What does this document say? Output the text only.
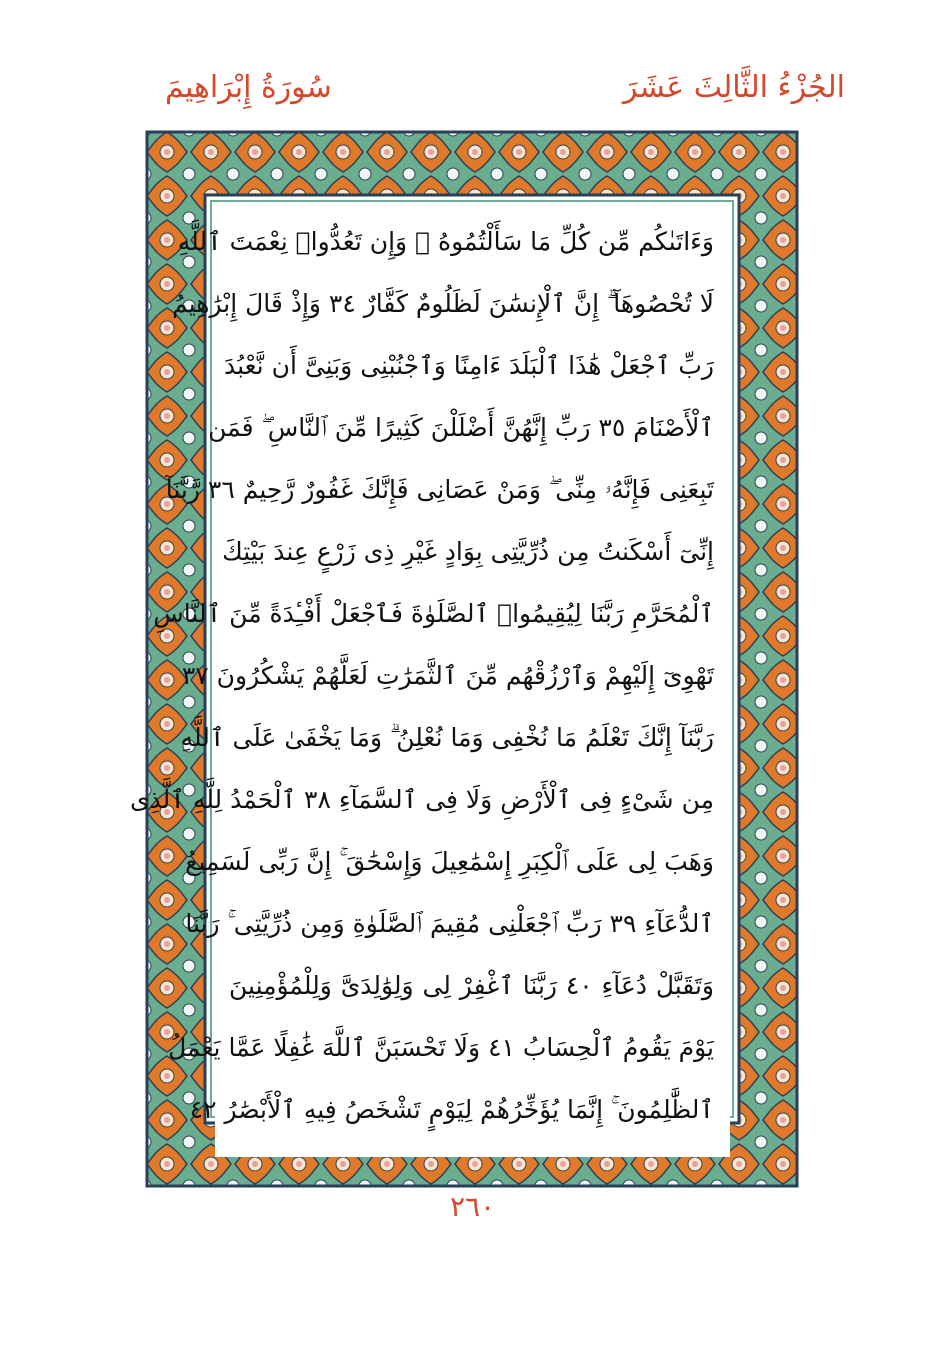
الجُزْءُ الثَّالِثَ عَشَرَ
سُورَةُ إِبْرَاهِيمَ
وَءَاتَىٰكُم مِّن كُلِّ مَا سَأَلْتُمُوهُ ۚ وَإِن تَعُدُّوا۟ نِعْمَتَ ٱللَّهِ
لَا تُحْصُوهَآ ۗ إِنَّ ٱلْإِنسَٰنَ لَظَلُومٌ كَفَّارٌ ٣٤ وَإِذْ قَالَ إِبْرَٰهِيمُ
رَبِّ ٱجْعَلْ هَٰذَا ٱلْبَلَدَ ءَامِنًا وَٱجْنُبْنِى وَبَنِىَّ أَن نَّعْبُدَ
ٱلْأَصْنَامَ ٣٥ رَبِّ إِنَّهُنَّ أَضْلَلْنَ كَثِيرًا مِّنَ ٱلنَّاسِ ۖ فَمَن
تَبِعَنِى فَإِنَّهُۥ مِنِّى ۖ وَمَنْ عَصَانِى فَإِنَّكَ غَفُورٌ رَّحِيمٌ ٣٦ رَّبَّنَآ
إِنِّىٓ أَسْكَنتُ مِن ذُرِّيَّتِى بِوَادٍ غَيْرِ ذِى زَرْعٍ عِندَ بَيْتِكَ
ٱلْمُحَرَّمِ رَبَّنَا لِيُقِيمُوا۟ ٱلصَّلَوٰةَ فَٱجْعَلْ أَفْـِٔدَةً مِّنَ ٱلنَّاسِ
تَهْوِىٓ إِلَيْهِمْ وَٱرْزُقْهُم مِّنَ ٱلثَّمَرَٰتِ لَعَلَّهُمْ يَشْكُرُونَ ٣٧
رَبَّنَآ إِنَّكَ تَعْلَمُ مَا نُخْفِى وَمَا نُعْلِنُ ۗ وَمَا يَخْفَىٰ عَلَى ٱللَّهِ
مِن شَىْءٍ فِى ٱلْأَرْضِ وَلَا فِى ٱلسَّمَآءِ ٣٨ ٱلْحَمْدُ لِلَّهِ ٱلَّذِى
وَهَبَ لِى عَلَى ٱلْكِبَرِ إِسْمَٰعِيلَ وَإِسْحَٰقَ ۚ إِنَّ رَبِّى لَسَمِيعُ
ٱلدُّعَآءِ ٣٩ رَبِّ ٱجْعَلْنِى مُقِيمَ ٱلصَّلَوٰةِ وَمِن ذُرِّيَّتِى ۚ رَبَّنَا
وَتَقَبَّلْ دُعَآءِ ٤٠ رَبَّنَا ٱغْفِرْ لِى وَلِوَٰلِدَىَّ وَلِلْمُؤْمِنِينَ
يَوْمَ يَقُومُ ٱلْحِسَابُ ٤١ وَلَا تَحْسَبَنَّ ٱللَّهَ غَٰفِلًا عَمَّا يَعْمَلُ
ٱلظَّٰلِمُونَ ۚ إِنَّمَا يُؤَخِّرُهُمْ لِيَوْمٍ تَشْخَصُ فِيهِ ٱلْأَبْصَٰرُ ٤٢
٢٦٠
